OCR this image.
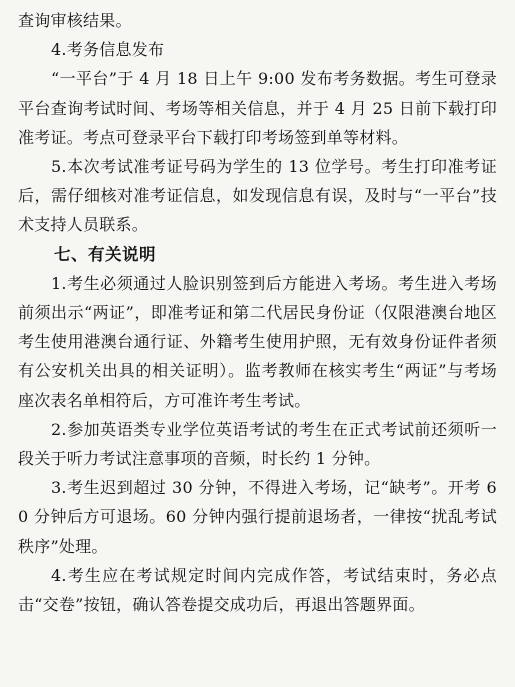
查询审核结果。

4.考务信息发布

“一平台”于 4 月 18 日上午 9:00 发布考务数据。考生可登录平台查询考试时间、考场等相关信息，并于 4 月 25 日前下载打印准考证。考点可登录平台下载打印考场签到单等材料。

5.本次考试准考证号码为学生的 13 位学号。考生打印准考证后，需仔细核对准考证信息，如发现信息有误，及时与“一平台”技术支持人员联系。

七、有关说明

1.考生必须通过人脸识别签到后方能进入考场。考生进入考场前须出示“两证”，即准考证和第二代居民身份证（仅限港澳台地区考生使用港澳台通行证、外籍考生使用护照，无有效身份证件者须有公安机关出具的相关证明）。监考教师在核实考生“两证”与考场座次表名单相符后，方可准许考生考试。

2.参加英语类专业学位英语考试的考生在正式考试前还须听一段关于听力考试注意事项的音频，时长约 1 分钟。

3.考生迟到超过 30 分钟，不得进入考场，记“缺考”。开考 60 分钟后方可退场。60 分钟内强行提前退场者，一律按“扰乱考试秩序”处理。

4.考生应在考试规定时间内完成作答，考试结束时，务必点击“交卷”按钮，确认答卷提交成功后，再退出答题界面。
